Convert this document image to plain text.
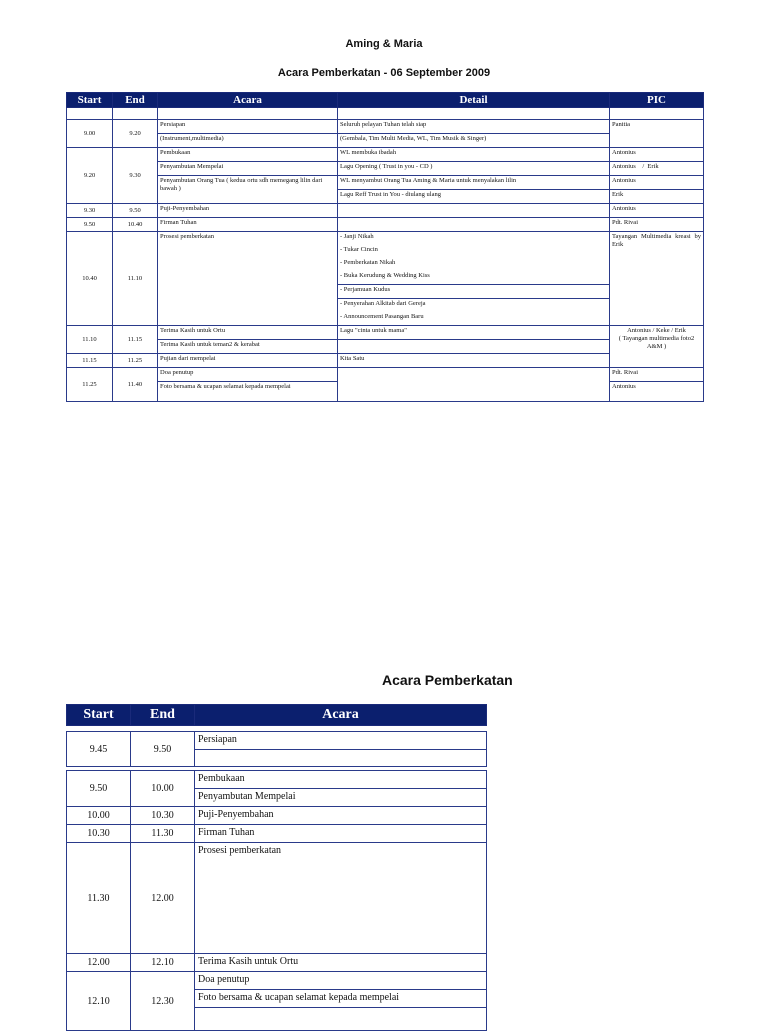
Aming & Maria
Acara Pemberkatan - 06 September 2009
Start	End	Acara	Detail	PIC

9.00	9.20	Persiapan	Seluruh pelayan Tuhan telah siap	Panitia
		(Instrument,multimedia)	(Gembala, Tim Multi Media, WL, Tim Musik & Singer)	
9.20	9.30	Pembukaan	WL membuka ibadah	Antonius
		Penyambutan Mempelai	Lagu Opening ( Trust in you - CD )	Antonius    /  Erik
		Penyambutan Orang Tua ( kedua ortu sdh memegang lilin dari bawah )	WL menyambut Orang Tua Aming & Maria untuk menyalakan lilin	Antonius
			Lagu Reff Trust in You - diulang ulang	Erik
9.30	9.50	Puji-Penyembahan		Antonius
9.50	10.40	Firman Tuhan		Pdt. Rivai
10.40	11.10	Prosesi pemberkatan	- Janji Nikah	Tayangan Multimedia kreasi by Erik
			- Tukar Cincin	
			- Pemberkatan Nikah	
			- Buka Kerudung & Wedding Kiss	
			- Perjamuan Kudus	
			- Penyerahan Alkitab dari Gereja	
			- Announcement Pasangan Baru	
11.10	11.15	Terima Kasih untuk Ortu	Lagu "cinta untuk mama"	Antonius / Keke / Erik
( Tayangan multimedia foto2 A&M )
		Terima Kasih untuk teman2 & kerabat		
11.15	11.25	Pujian dari mempelai	Kita Satu	
11.25	11.40	Doa penutup		Pdt. Rivai
		Foto bersama & ucapan selamat kepada mempelai		Antonius
Acara Pemberkatan
Start	End	Acara

9.45	9.50	Persiapan

9.50	10.00	Pembukaan
		Penyambutan Mempelai
10.00	10.30	Puji-Penyembahan
10.30	11.30	Firman Tuhan
11.30	12.00	Prosesi pemberkatan
12.00	12.10	Terima Kasih untuk Ortu
12.10	12.30	Doa penutup
		Foto bersama & ucapan selamat kepada mempelai
